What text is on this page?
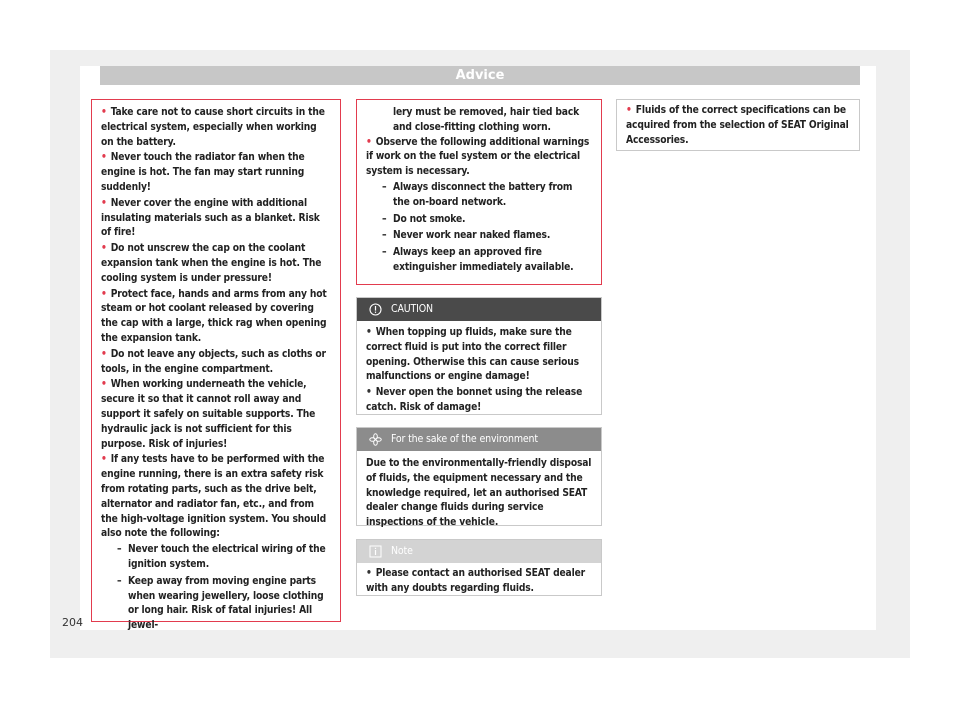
Advice
• Take care not to cause short circuits in the electrical system, especially when working on the battery.
• Never touch the radiator fan when the engine is hot. The fan may start running suddenly!
• Never cover the engine with additional insulating materials such as a blanket. Risk of fire!
• Do not unscrew the cap on the coolant expansion tank when the engine is hot. The cooling system is under pressure!
• Protect face, hands and arms from any hot steam or hot coolant released by covering the cap with a large, thick rag when opening the expansion tank.
• Do not leave any objects, such as cloths or tools, in the engine compartment.
• When working underneath the vehicle, secure it so that it cannot roll away and support it safely on suitable supports. The hydraulic jack is not sufficient for this purpose. Risk of injuries!
• If any tests have to be performed with the engine running, there is an extra safety risk from rotating parts, such as the drive belt, alternator and radiator fan, etc., and from the high-voltage ignition system. You should also note the following:
– Never touch the electrical wiring of the ignition system.
– Keep away from moving engine parts when wearing jewellery, loose clothing or long hair. Risk of fatal injuries! All jewel-
lery must be removed, hair tied back and close-fitting clothing worn.
• Observe the following additional warnings if work on the fuel system or the electrical system is necessary.
– Always disconnect the battery from the on-board network.
– Do not smoke.
– Never work near naked flames.
– Always keep an approved fire extinguisher immediately available.
CAUTION
• When topping up fluids, make sure the correct fluid is put into the correct filler opening. Otherwise this can cause serious malfunctions or engine damage!
• Never open the bonnet using the release catch. Risk of damage!
For the sake of the environment
Due to the environmentally-friendly disposal of fluids, the equipment necessary and the knowledge required, let an authorised SEAT dealer change fluids during service inspections of the vehicle.
Note
• Please contact an authorised SEAT dealer with any doubts regarding fluids.
• Fluids of the correct specifications can be acquired from the selection of SEAT Original Accessories.
204
